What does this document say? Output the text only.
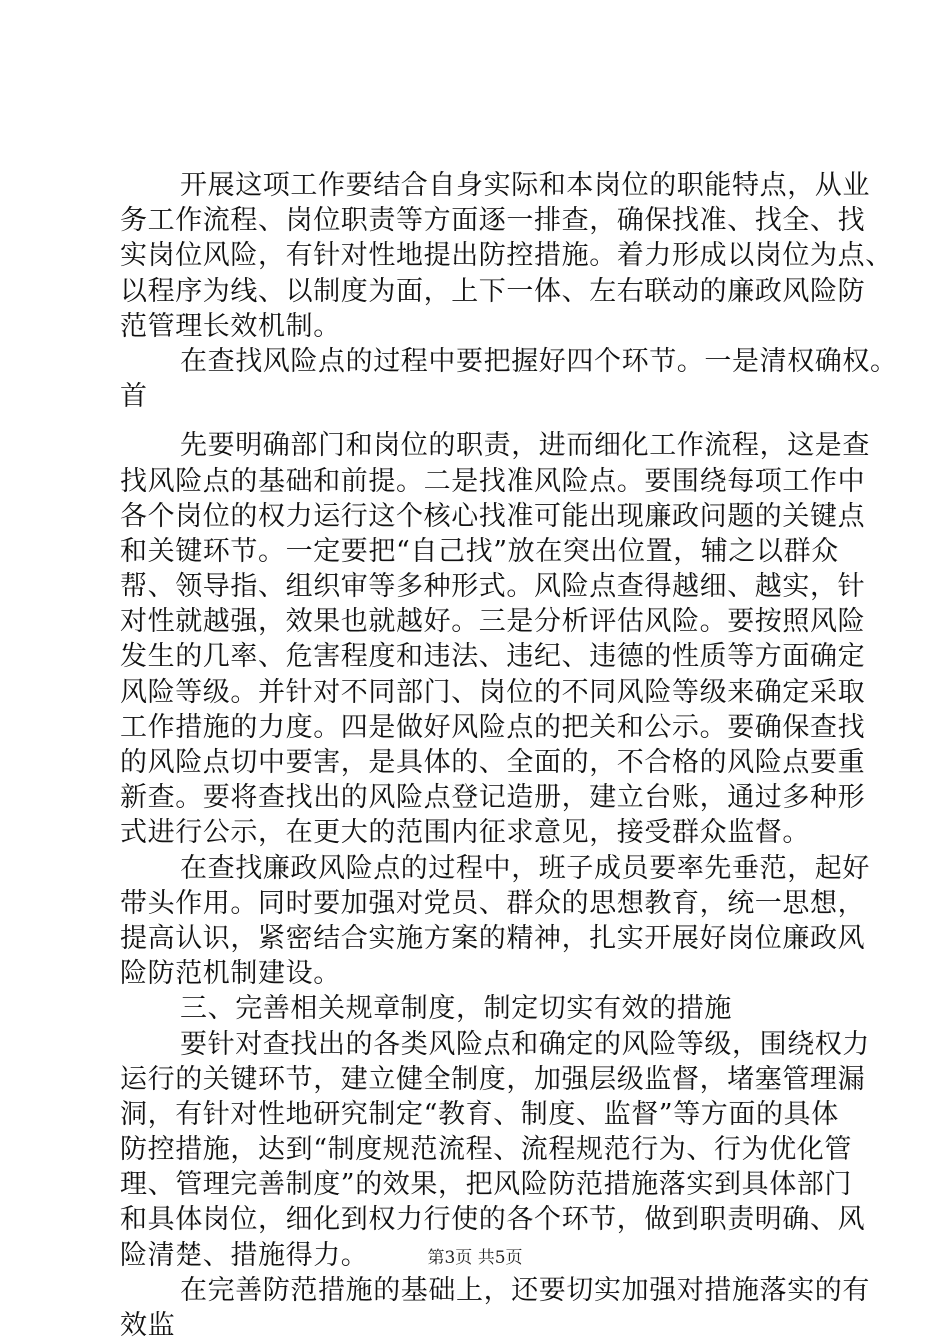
开展这项工作要结合自身实际和本岗位的职能特点，从业
务工作流程、岗位职责等方面逐一排查，确保找准、找全、找
实岗位风险，有针对性地提出防控措施。着力形成以岗位为点、
以程序为线、以制度为面，上下一体、左右联动的廉政风险防
范管理长效机制。
在查找风险点的过程中要把握好四个环节。一是清权确权。
首
先要明确部门和岗位的职责，进而细化工作流程，这是查
找风险点的基础和前提。二是找准风险点。要围绕每项工作中
各个岗位的权力运行这个核心找准可能出现廉政问题的关键点
和关键环节。一定要把“自己找”放在突出位置，辅之以群众
帮、领导指、组织审等多种形式。风险点查得越细、越实，针
对性就越强，效果也就越好。三是分析评估风险。要按照风险
发生的几率、危害程度和违法、违纪、违德的性质等方面确定
风险等级。并针对不同部门、岗位的不同风险等级来确定采取
工作措施的力度。四是做好风险点的把关和公示。要确保查找
的风险点切中要害，是具体的、全面的，不合格的风险点要重
新查。要将查找出的风险点登记造册，建立台账，通过多种形
式进行公示，在更大的范围内征求意见，接受群众监督。
在查找廉政风险点的过程中，班子成员要率先垂范，起好
带头作用。同时要加强对党员、群众的思想教育，统一思想，
提高认识，紧密结合实施方案的精神，扎实开展好岗位廉政风
险防范机制建设。
三、完善相关规章制度，制定切实有效的措施
要针对查找出的各类风险点和确定的风险等级，围绕权力
运行的关键环节，建立健全制度，加强层级监督，堵塞管理漏
洞，有针对性地研究制定“教育、制度、监督”等方面的具体
防控措施，达到“制度规范流程、流程规范行为、行为优化管
理、管理完善制度”的效果，把风险防范措施落实到具体部门
和具体岗位，细化到权力行使的各个环节，做到职责明确、风
险清楚、措施得力。
在完善防范措施的基础上，还要切实加强对措施落实的有
效监
第3页 共5页
